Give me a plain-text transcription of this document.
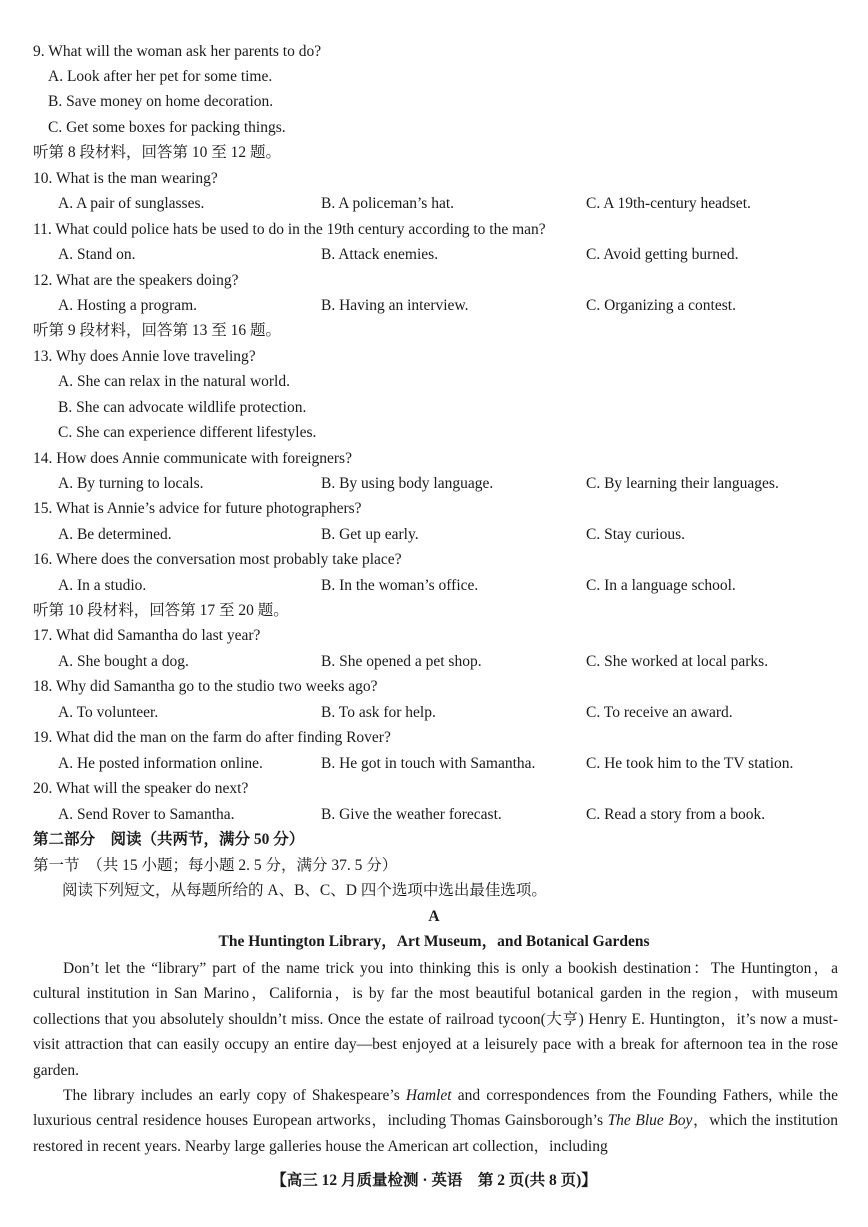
9. What will the woman ask her parents to do?
A. Look after her pet for some time.
B. Save money on home decoration.
C. Get some boxes for packing things.
听第 8 段材料，回答第 10 至 12 题。
10. What is the man wearing?
A. A pair of sunglasses.	B. A policeman’s hat.	C. A 19th-century headset.
11. What could police hats be used to do in the 19th century according to the man?
A. Stand on.	B. Attack enemies.	C. Avoid getting burned.
12. What are the speakers doing?
A. Hosting a program.	B. Having an interview.	C. Organizing a contest.
听第 9 段材料，回答第 13 至 16 题。
13. Why does Annie love traveling?
A. She can relax in the natural world.
B. She can advocate wildlife protection.
C. She can experience different lifestyles.
14. How does Annie communicate with foreigners?
A. By turning to locals.	B. By using body language.	C. By learning their languages.
15. What is Annie’s advice for future photographers?
A. Be determined.	B. Get up early.	C. Stay curious.
16. Where does the conversation most probably take place?
A. In a studio.	B. In the woman’s office.	C. In a language school.
听第 10 段材料，回答第 17 至 20 题。
17. What did Samantha do last year?
A. She bought a dog.	B. She opened a pet shop.	C. She worked at local parks.
18. Why did Samantha go to the studio two weeks ago?
A. To volunteer.	B. To ask for help.	C. To receive an award.
19. What did the man on the farm do after finding Rover?
A. He posted information online.	B. He got in touch with Samantha.	C. He took him to the TV station.
20. What will the speaker do next?
A. Send Rover to Samantha.	B. Give the weather forecast.	C. Read a story from a book.
第二部分　阅读（共两节，满分 50 分）
第一节　（共 15 小题；每小题 2. 5 分，满分 37. 5 分）
阅读下列短文，从每题所给的 A、B、C、D 四个选项中选出最佳选项。
A
The Huntington Library，Art Museum，and Botanical Gardens
Don’t let the “library” part of the name trick you into thinking this is only a bookish destination：The Huntington，a cultural institution in San Marino，California，is by far the most beautiful botanical garden in the region，with museum collections that you absolutely shouldn’t miss. Once the estate of railroad tycoon(大亨) Henry E. Huntington，it’s now a must-visit attraction that can easily occupy an entire day—best enjoyed at a leisurely pace with a break for afternoon tea in the rose garden.
The library includes an early copy of Shakespeare’s Hamlet and correspondences from the Founding Fathers, while the luxurious central residence houses European artworks，including Thomas Gainsborough’s The Blue Boy，which the institution restored in recent years. Nearby large galleries house the American art collection，including
【高三 12 月质量检测 · 英语　第 2 页(共 8 页)】
